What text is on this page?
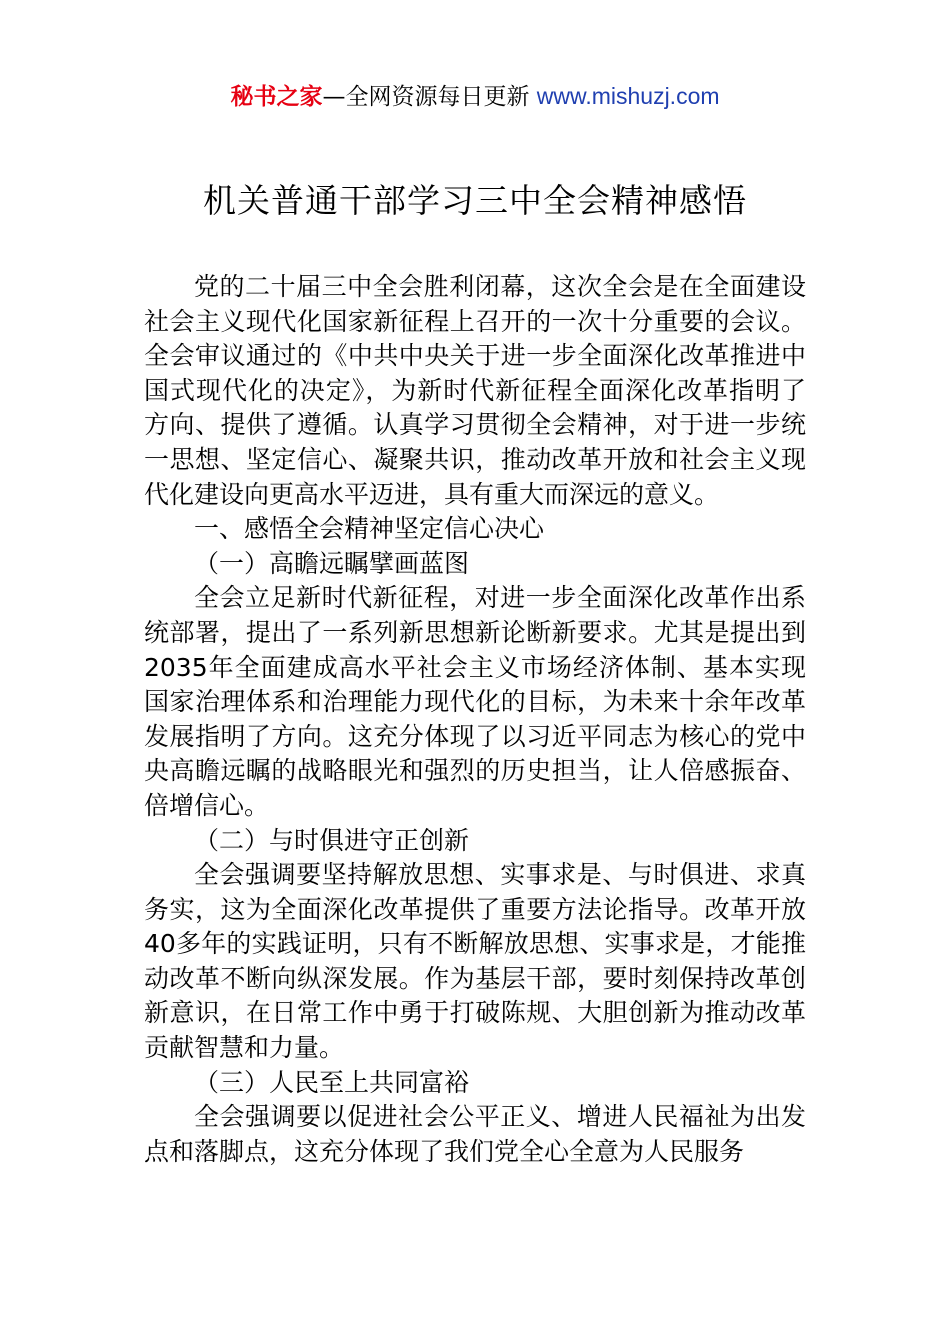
秘书之家—全网资源每日更新 www.mishuzj.com
机关普通干部学习三中全会精神感悟

党的二十届三中全会胜利闭幕，这次全会是在全面建设社会主义现代化国家新征程上召开的一次十分重要的会议。全会审议通过的《中共中央关于进一步全面深化改革推进中国式现代化的决定》，为新时代新征程全面深化改革指明了方向、提供了遵循。认真学习贯彻全会精神，对于进一步统一思想、坚定信心、凝聚共识，推动改革开放和社会主义现代化建设向更高水平迈进，具有重大而深远的意义。

一、感悟全会精神坚定信心决心

（一）高瞻远瞩擘画蓝图

全会立足新时代新征程，对进一步全面深化改革作出系统部署，提出了一系列新思想新论断新要求。尤其是提出到2035年全面建成高水平社会主义市场经济体制、基本实现国家治理体系和治理能力现代化的目标，为未来十余年改革发展指明了方向。这充分体现了以习近平同志为核心的党中央高瞻远瞩的战略眼光和强烈的历史担当，让人倍感振奋、倍增信心。

（二）与时俱进守正创新

全会强调要坚持解放思想、实事求是、与时俱进、求真务实，这为全面深化改革提供了重要方法论指导。改革开放40多年的实践证明，只有不断解放思想、实事求是，才能推动改革不断向纵深发展。作为基层干部，要时刻保持改革创新意识，在日常工作中勇于打破陈规、大胆创新为推动改革贡献智慧和力量。

（三）人民至上共同富裕

全会强调要以促进社会公平正义、增进人民福祉为出发点和落脚点，这充分体现了我们党全心全意为人民服务
